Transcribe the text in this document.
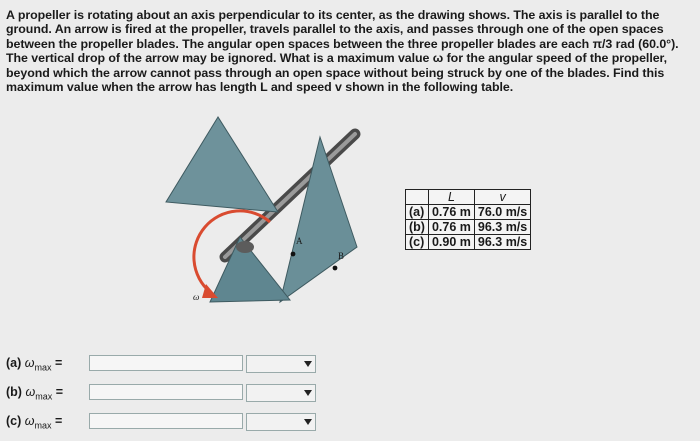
A propeller is rotating about an axis perpendicular to its center, as the drawing shows. The axis is parallel to the ground. An arrow is fired at the propeller, travels parallel to the axis, and passes through one of the open spaces between the propeller blades. The angular open spaces between the three propeller blades are each π/3 rad (60.0°). The vertical drop of the arrow may be ignored. What is a maximum value ω for the angular speed of the propeller, beyond which the arrow cannot pass through an open space without being struck by one of the blades. Find this maximum value when the arrow has length L and speed v shown in the following table.
A
B
ω
	L	v
(a)	0.76 m	76.0 m/s
(b)	0.76 m	96.3 m/s
(c)	0.90 m	96.3 m/s
(a) $\omega_{max}$ =
(b) $\omega_{max}$ =
(c) $\omega_{max}$ =
